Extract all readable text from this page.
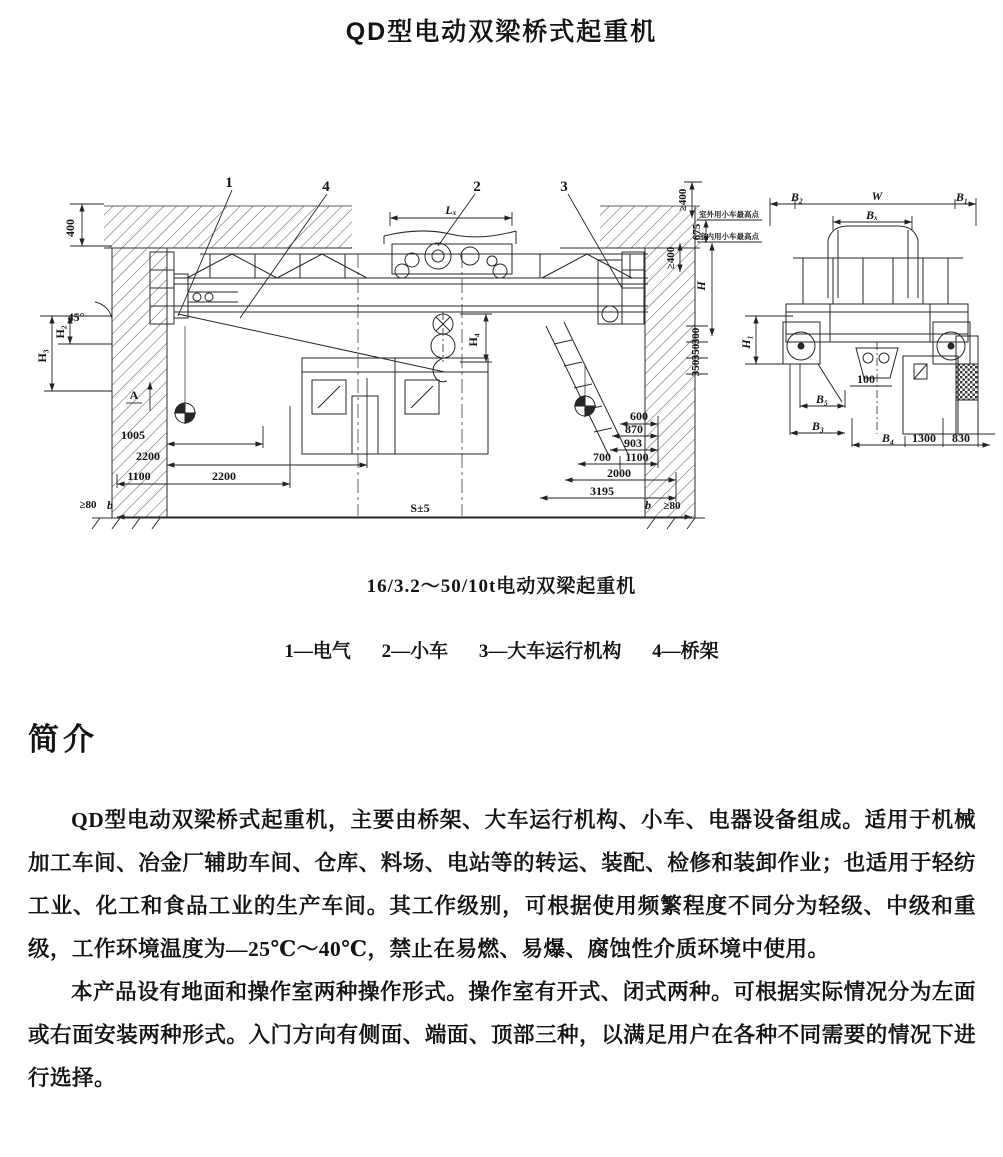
QD型电动双梁桥式起重机
1	4	2	3
400
45°
H₂
H₃
A
Lₓ
H₄
1005
2200
1100	2200
≥80 b	S±5	b ≥80
600
870
903
700 1100
2000
3195
300
350
350
≥400
675
≥400
H
B₂	W	B₁
Bₓ
H₁
100
B₅
B₃
B₄ 1300 830
室外用小车最高点
室内用小车最高点
16/3.2～50/10t电动双梁起重机
1—电气 2—小车 3—大车运行机构 4—桥架
简介

QD型电动双梁桥式起重机，主要由桥架、大车运行机构、小车、电器设备组成。适用于机械加工车间、冶金厂辅助车间、仓库、料场、电站等的转运、装配、检修和装卸作业；也适用于轻纺工业、化工和食品工业的生产车间。其工作级别，可根据使用频繁程度不同分为轻级、中级和重级，工作环境温度为—25℃～40℃，禁止在易燃、易爆、腐蚀性介质环境中使用。

本产品设有地面和操作室两种操作形式。操作室有开式、闭式两种。可根据实际情况分为左面或右面安装两种形式。入门方向有侧面、端面、顶部三种，以满足用户在各种不同需要的情况下进行选择。
